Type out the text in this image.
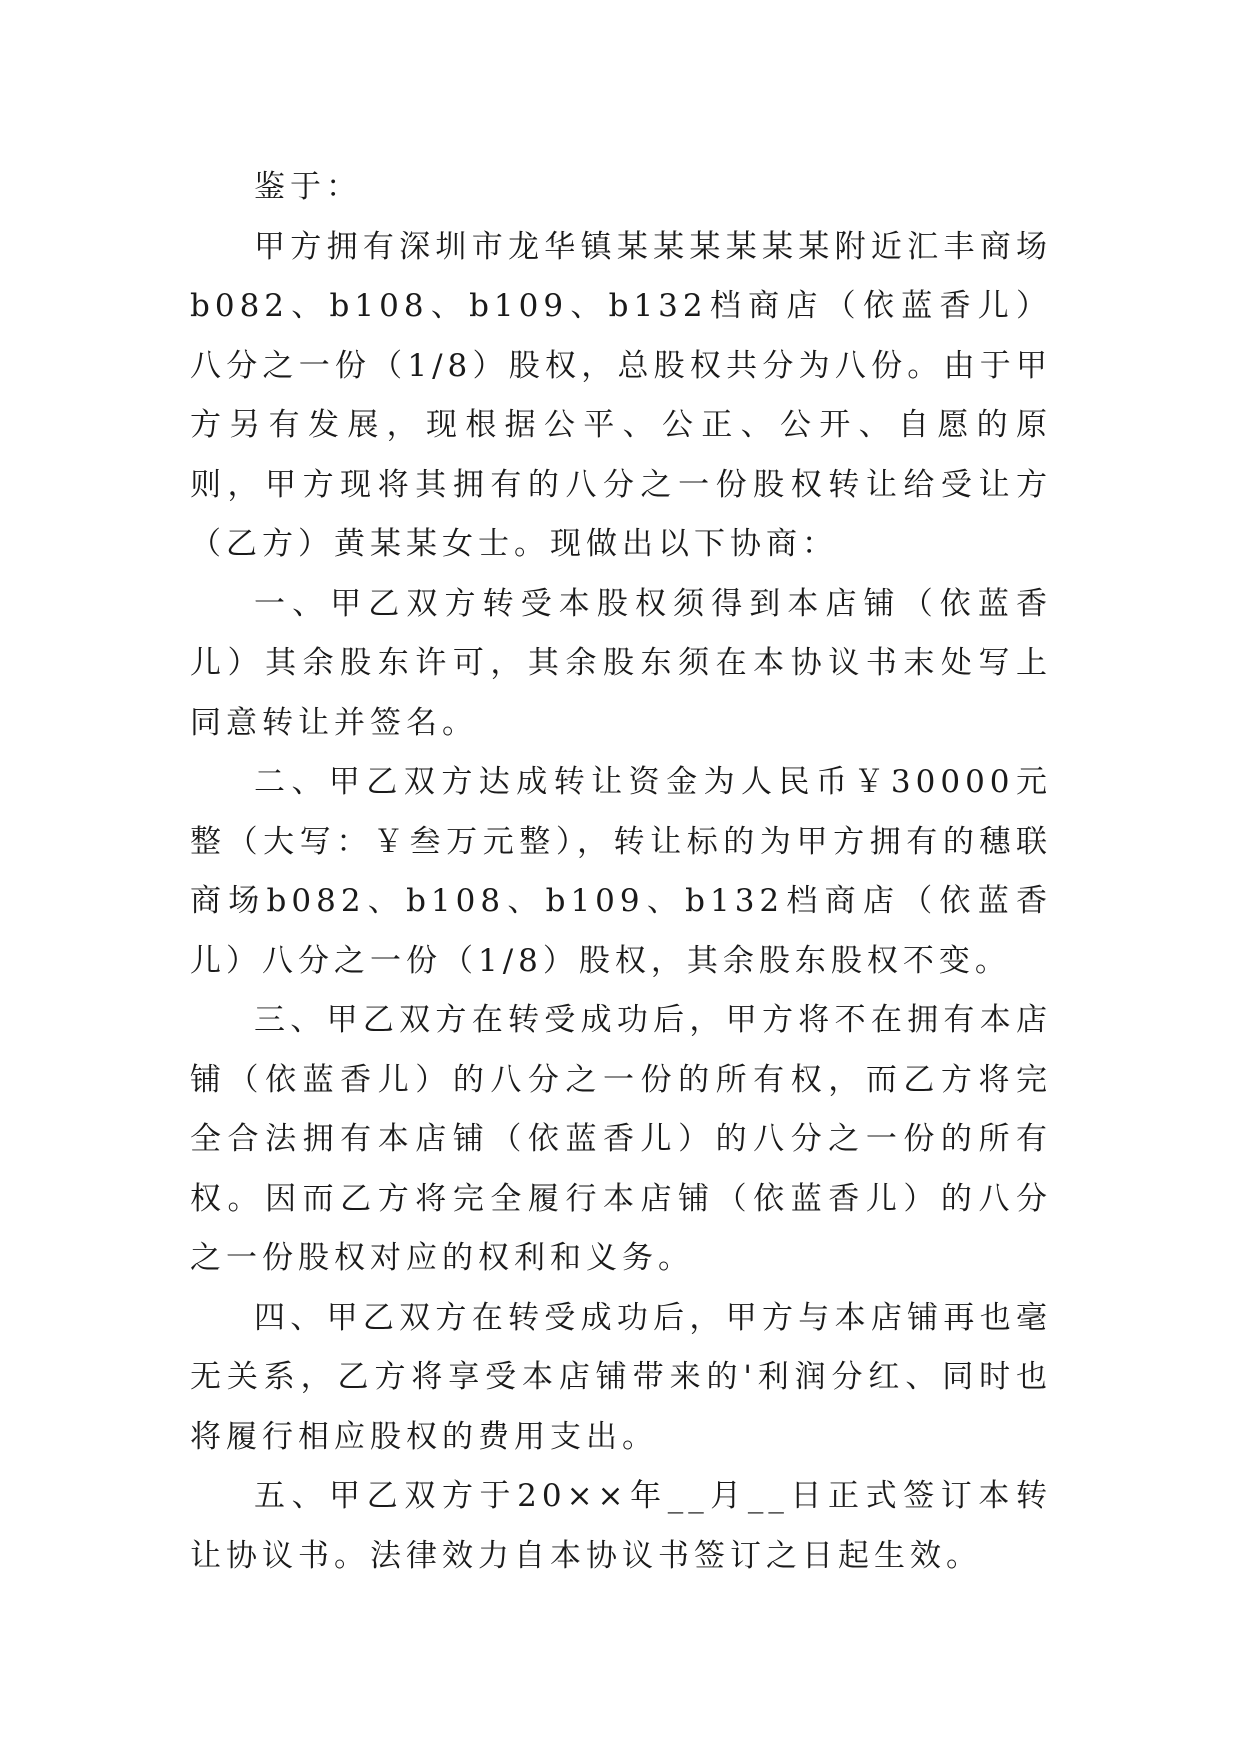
鉴于：

甲方拥有深圳市龙华镇某某某某某某附近汇丰商场b082、b108、b109、b132档商店（依蓝香儿）八分之一份（1/8）股权，总股权共分为八份。由于甲方另有发展，现根据公平、公正、公开、自愿的原则，甲方现将其拥有的八分之一份股权转让给受让方（乙方）黄某某女士。现做出以下协商：

一、甲乙双方转受本股权须得到本店铺（依蓝香儿）其余股东许可，其余股东须在本协议书末处写上同意转让并签名。

二、甲乙双方达成转让资金为人民币￥30000元整（大写：￥叁万元整），转让标的为甲方拥有的穗联商场b082、b108、b109、b132档商店（依蓝香儿）八分之一份（1/8）股权，其余股东股权不变。

三、甲乙双方在转受成功后，甲方将不在拥有本店铺（依蓝香儿）的八分之一份的所有权，而乙方将完全合法拥有本店铺（依蓝香儿）的八分之一份的所有权。因而乙方将完全履行本店铺（依蓝香儿）的八分之一份股权对应的权利和义务。

四、甲乙双方在转受成功后，甲方与本店铺再也毫无关系，乙方将享受本店铺带来的'利润分红、同时也将履行相应股权的费用支出。

五、甲乙双方于20××年__月__日正式签订本转让协议书。法律效力自本协议书签订之日起生效。
